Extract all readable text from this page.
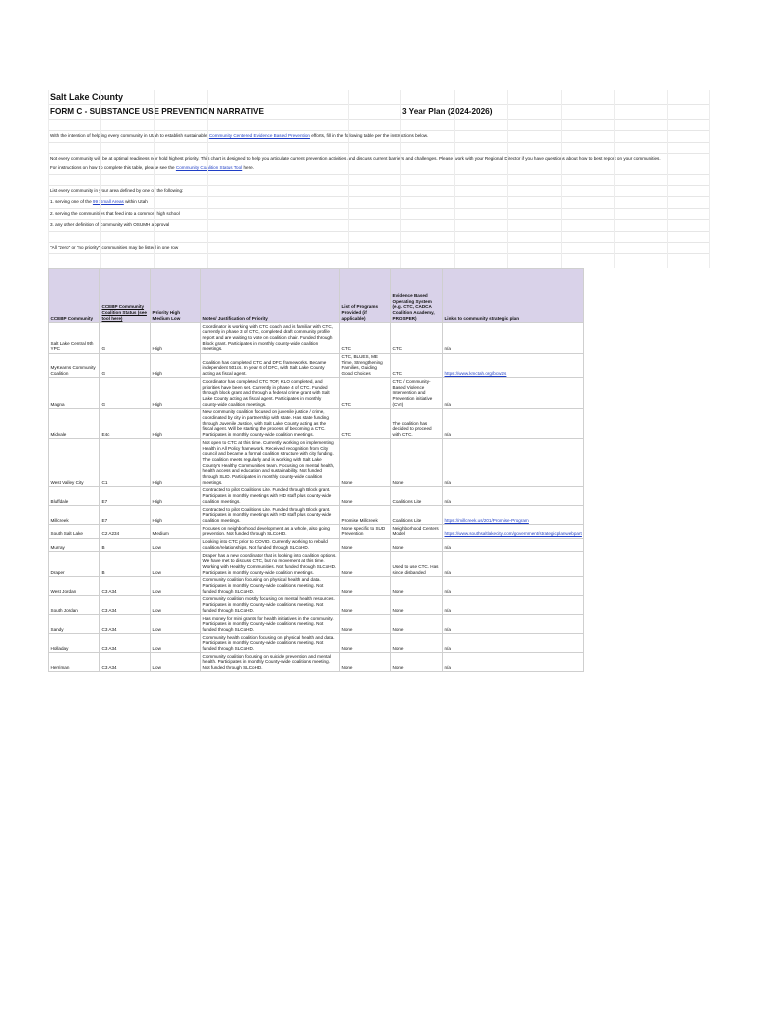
Salt Lake County
FORM C - SUBSTANCE USE PREVENTION NARRATIVE	3 Year Plan (2024-2026)
With the intention of helping every community in Utah to establish sustainable Community Centered Evidence Based Prevention efforts, fill in the following table per the instructions below.
Not every community will be at optimal readiness nor hold highest priority. This chart is designed to help you articulate current prevention activities and discuss current barriers and challenges. Please work with your Regional Director if you have questions about how to best report on your communities.
For instructions on how to complete this table, please see the Community Coalition Status Tool here.
List every community in your area defined by one of the following:
1. serving one of the 99 Small Areas within Utah
2. serving the communities that feed into a common high school
3. any other definition of community with OSUMH approval
"All "zero" or "no priority" communities may be listed in one row
CCEBP Community	CCEBP Community Coalition Status (see tool here)	Priority High Medium Low	Notes/ Justification of Priority	List of Programs Provided (if applicable)	Evidence Based Operating System (e.g. CTC, CADCA Coalition Academy, PROSPER)	Links to community strategic plan
Salt Lake Central 9th YPC	G	High	Coordinator is working with CTC coach and is familiar with CTC, currently in phase 3 of CTC, completed draft community profile report and are waiting to vote on coalition chair. Funded through Block grant. Participates in monthly county-wide coalition meetings.	CTC	CTC	n/a
MyKearns Community Coalition	G	High	Coalition has completed CTC and DFC frameworks. Became independent 501cs. In year 6 of DFC, with Salt Lake County acting as fiscal agent.	CTC, BLUES, ME Time, Strengthening Families, Guiding Good Choices	CTC	https://www.kmctah.org/bcw2s
Magna	G	High	Coordinator has completed CTC TOF, KLO completed, and priorities have been set. Currently in phase 4 of CTC. Funded through block grant and through a federal crime grant with Salt Lake County acting as fiscal agent. Participates in monthly county-wide coalition meetings.	CTC	CTC / Community-Based Violence Intervention and Prevention initiative (CVI)	n/a
Midvale	E4c	High	New community coalition focused on juvenile justice / crime, coordinated by city in partnership with state. Has state funding through Juvenile Justice, with Salt Lake County acting as the fiscal agent. Will be starting the process of becoming a CTC. Participates in monthly county-wide coalition meetings.	CTC	The coalition has decided to proceed with CTC.	n/a
West Valley City	C1	High	Not open to CTC at this time. Currently working on implementing Health in All Policy framework. Received recognition from City council and became a formal coalition structure with city funding. The coalition meets regularly and is working with Salt Lake County's Healthy Communities team. Focusing on mental health, health access and education and sustainability. Not funded through SLID. Participates in monthly county-wide coalition meetings.	None	None	n/a
Bluffdale	E7	High	Contracted to pilot Coalitions Lite. Funded through Block grant. Participates in monthly meetings with HD staff plus county-wide coalition meetings.	None	Coalitions Lite	n/a
Millcreek	E7	High	Contracted to pilot Coalitions Lite. Funded through Block grant. Participates in monthly meetings with HD staff plus county-wide coalition meetings.	Promise Millcreek	Coalitions Lite	https://millcreek.us/201/Promise-Program
South Salt Lake	C2 A234	Medium	Focuses on neighborhood development as a whole, also going prevention. Not funded through SLCoHD.	None specific to SUD Prevention	Neighborhood Centers Model	https://www.southsaltlakecity.com/government/strategicplanwebpart
Murray	B	Low	Looking into CTC prior to COVID. Currently working to rebuild coalition/relationships. Not funded through SLCoHD.	None	None	n/a
Draper	B	Low	Draper has a new coordinator that is looking into coalition options. We have met to discuss CTC, but no movement at this time. Working with Healthy Communities. Not funded through SLCoHD. Participates in monthly county-wide coalition meetings.	None	Used to use CTC. Has since disbanded	n/a
West Jordan	C3 A34	Low	Community coalition focusing on physical health and data. Participates in monthly County-wide coalitions meeting. Not funded through SLCoHD.	None	None	n/a
South Jordan	C3 A34	Low	Community coalition mostly focusing on mental health resources. Participates in monthly County-wide coalitions meeting. Not funded through SLCoHD.	None	None	n/a
Sandy	C3 A34	Low	Has money for mini grants for health initiatives in the community. Participates in monthly County-wide coalitions meeting. Not funded through SLCoHD.	None	None	n/a
Holladay	C3 A34	Low	Community health coalition focusing on physical health and data. Participates in monthly County-wide coalitions meeting. Not funded through SLCoHD.	None	None	n/a
Herriman	C3 A34	Low	Community coalition focusing on suicide prevention and mental health. Participates in monthly County-wide coalitions meeting. Not funded through SLCoHD.	None	None	n/a
